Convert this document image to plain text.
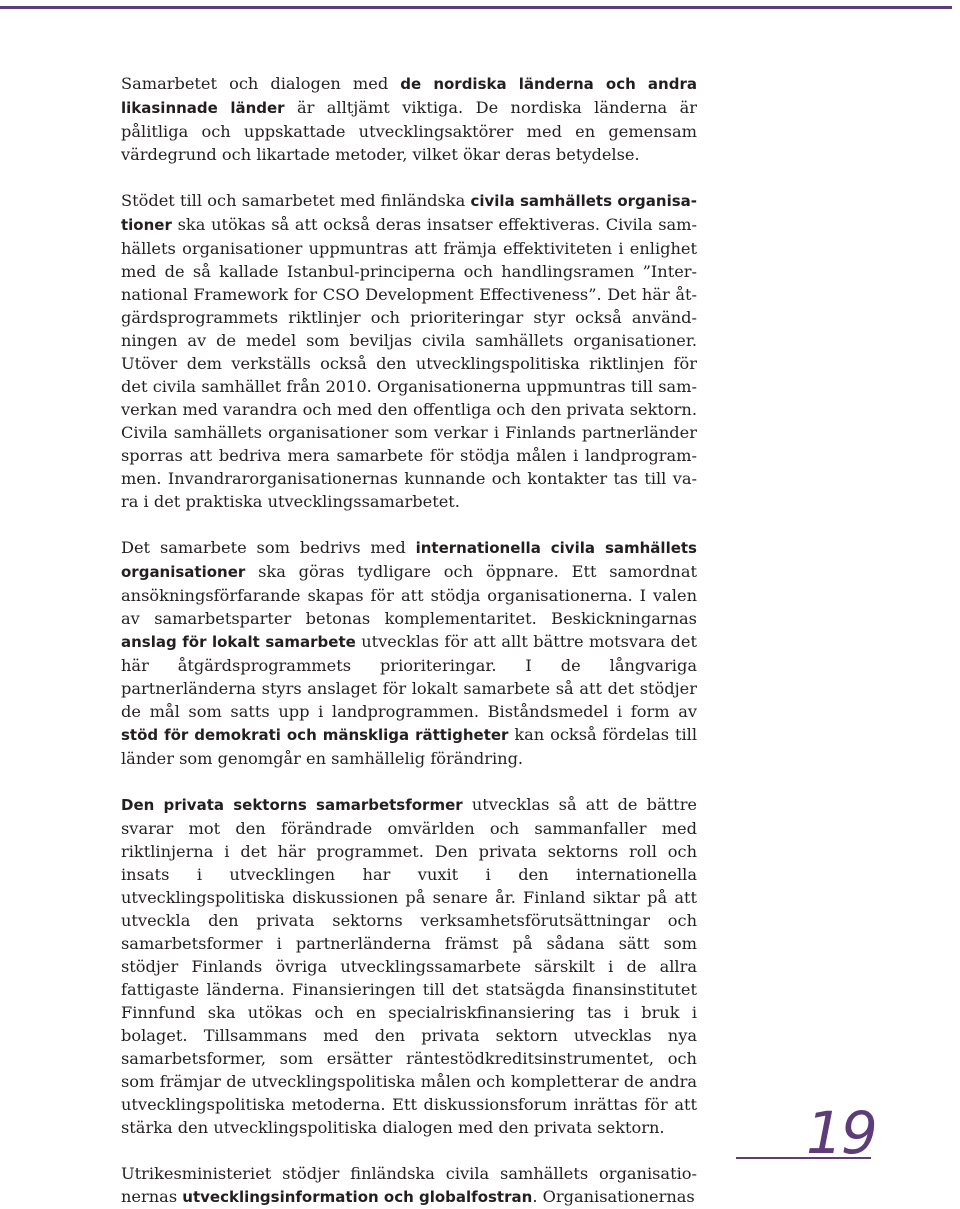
Samarbetet och dialogen med de nordiska länderna och andra likasinnade länder är alltjämt viktiga. De nordiska länderna är pålitliga och uppskattade utvecklingsaktörer med en gemensam värdegrund och likartade metoder, vilket ökar deras betydelse.

Stödet till och samarbetet med finländska civila samhällets organisationer ska utökas så att också deras insatser effektiveras. Civila samhällets organisationer uppmuntras att främja effektiviteten i enlighet med de så kallade Istanbul-principerna och handlingsramen ”International Framework for CSO Development Effectiveness”. Det här åtgärdsprogrammets riktlinjer och prioriteringar styr också användningen av de medel som beviljas civila samhällets organisationer. Utöver dem verkställs också den utvecklingspolitiska riktlinjen för det civila samhället från 2010. Organisationerna uppmuntras till samverkan med varandra och med den offentliga och den privata sektorn. Civila samhällets organisationer som verkar i Finlands partnerländer sporras att bedriva mera samarbete för stödja målen i landprogrammen. Invandrarorganisationernas kunnande och kontakter tas till vara i det praktiska utvecklingssamarbetet.

Det samarbete som bedrivs med internationella civila samhällets organisationer ska göras tydligare och öppnare. Ett samordnat ansökningsförfarande skapas för att stödja organisationerna. I valen av samarbetsparter betonas komplementaritet. Beskickningarnas anslag för lokalt samarbete utvecklas för att allt bättre motsvara det här åtgärdsprogrammets prioriteringar. I de långvariga partnerländerna styrs anslaget för lokalt samarbete så att det stödjer de mål som satts upp i landprogrammen. Biståndsmedel i form av stöd för demokrati och mänskliga rättigheter kan också fördelas till länder som genomgår en samhällelig förändring.

Den privata sektorns samarbetsformer utvecklas så att de bättre svarar mot den förändrade omvärlden och sammanfaller med riktlinjerna i det här programmet. Den privata sektorns roll och insats i utvecklingen har vuxit i den internationella utvecklingspolitiska diskussionen på senare år. Finland siktar på att utveckla den privata sektorns verksamhetsförutsättningar och samarbetsformer i partnerländerna främst på sådana sätt som stödjer Finlands övriga utvecklingssamarbete särskilt i de allra fattigaste länderna. Finansieringen till det statsägda finansinstitutet Finnfund ska utökas och en specialriskfinansiering tas i bruk i bolaget. Tillsammans med den privata sektorn utvecklas nya samarbetsformer, som ersätter räntestödkreditsinstrumentet, och som främjar de utvecklingspolitiska målen och kompletterar de andra utvecklingspolitiska metoderna. Ett diskussionsforum inrättas för att stärka den utvecklingspolitiska dialogen med den privata sektorn.

Utrikesministeriet stödjer finländska civila samhällets organisationernas utvecklingsinformation och globalfostran. Organisationernas

19
